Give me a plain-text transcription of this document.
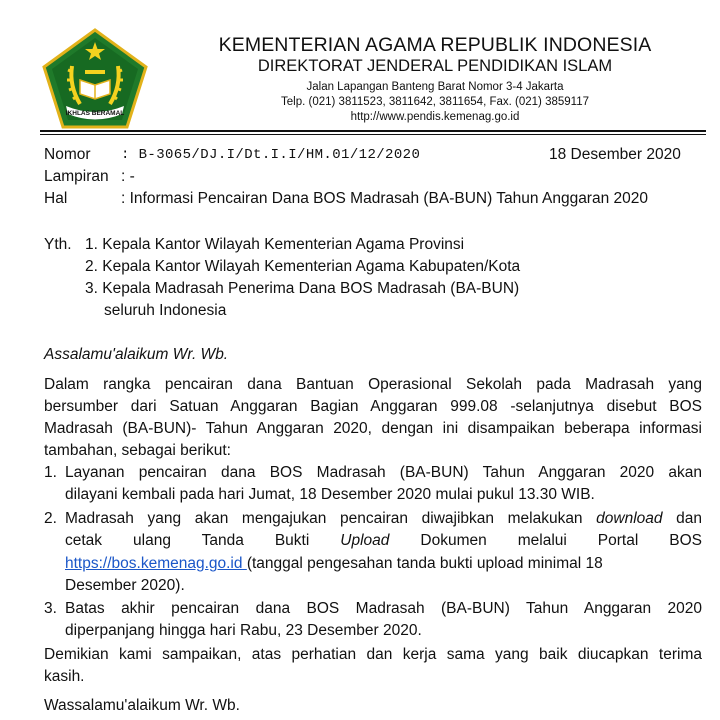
IKHLAS BERAMAL
KEMENTERIAN AGAMA REPUBLIK INDONESIA
DIREKTORAT JENDERAL PENDIDIKAN ISLAM
Jalan Lapangan Banteng Barat Nomor 3-4 Jakarta
Telp. (021) 3811523, 3811642, 3811654, Fax. (021) 3859117
http://www.pendis.kemenag.go.id
Nomor : B-3065/DJ.I/Dt.I.I/HM.01/12/2020	18 Desember 2020
Lampiran : -
Hal	: Informasi Pencairan Dana BOS Madrasah (BA-BUN) Tahun Anggaran 2020
Yth. 1. Kepala Kantor Wilayah Kementerian Agama Provinsi
2. Kepala Kantor Wilayah Kementerian Agama Kabupaten/Kota
3. Kepala Madrasah Penerima Dana BOS Madrasah (BA-BUN)
seluruh Indonesia
Assalamu'alaikum Wr. Wb.
Dalam rangka pencairan dana Bantuan Operasional Sekolah pada Madrasah yang
bersumber dari Satuan Anggaran Bagian Anggaran 999.08 -selanjutnya disebut BOS
Madrasah (BA-BUN)- Tahun Anggaran 2020, dengan ini disampaikan beberapa informasi
tambahan, sebagai berikut:
1. Layanan pencairan dana BOS Madrasah (BA-BUN) Tahun Anggaran 2020 akan
dilayani kembali pada hari Jumat, 18 Desember 2020 mulai pukul 13.30 WIB.
2. Madrasah yang akan mengajukan pencairan diwajibkan melakukan download dan
cetak ulang Tanda Bukti Upload Dokumen melalui Portal BOS
https://bos.kemenag.go.id (tanggal pengesahan tanda bukti upload minimal 18
Desember 2020).
3. Batas akhir pencairan dana BOS Madrasah (BA-BUN) Tahun Anggaran 2020
diperpanjang hingga hari Rabu, 23 Desember 2020.
Demikian kami sampaikan, atas perhatian dan kerja sama yang baik diucapkan terima
kasih.
Wassalamu'alaikum Wr. Wb.
